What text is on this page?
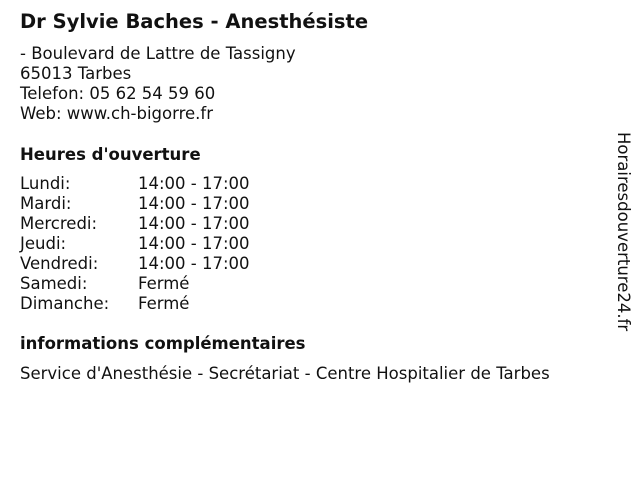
Dr Sylvie Baches - Anesthésiste
- Boulevard de Lattre de Tassigny
65013 Tarbes
Telefon: 05 62 54 59 60
Web: www.ch-bigorre.fr
Heures d'ouverture
Lundi:	14:00 - 17:00
Mardi:	14:00 - 17:00
Mercredi:	14:00 - 17:00
Jeudi:	14:00 - 17:00
Vendredi:	14:00 - 17:00
Samedi:	Fermé
Dimanche:	Fermé
informations complémentaires
Service d'Anesthésie - Secrétariat - Centre Hospitalier de Tarbes
Horairesdouverture24.fr
